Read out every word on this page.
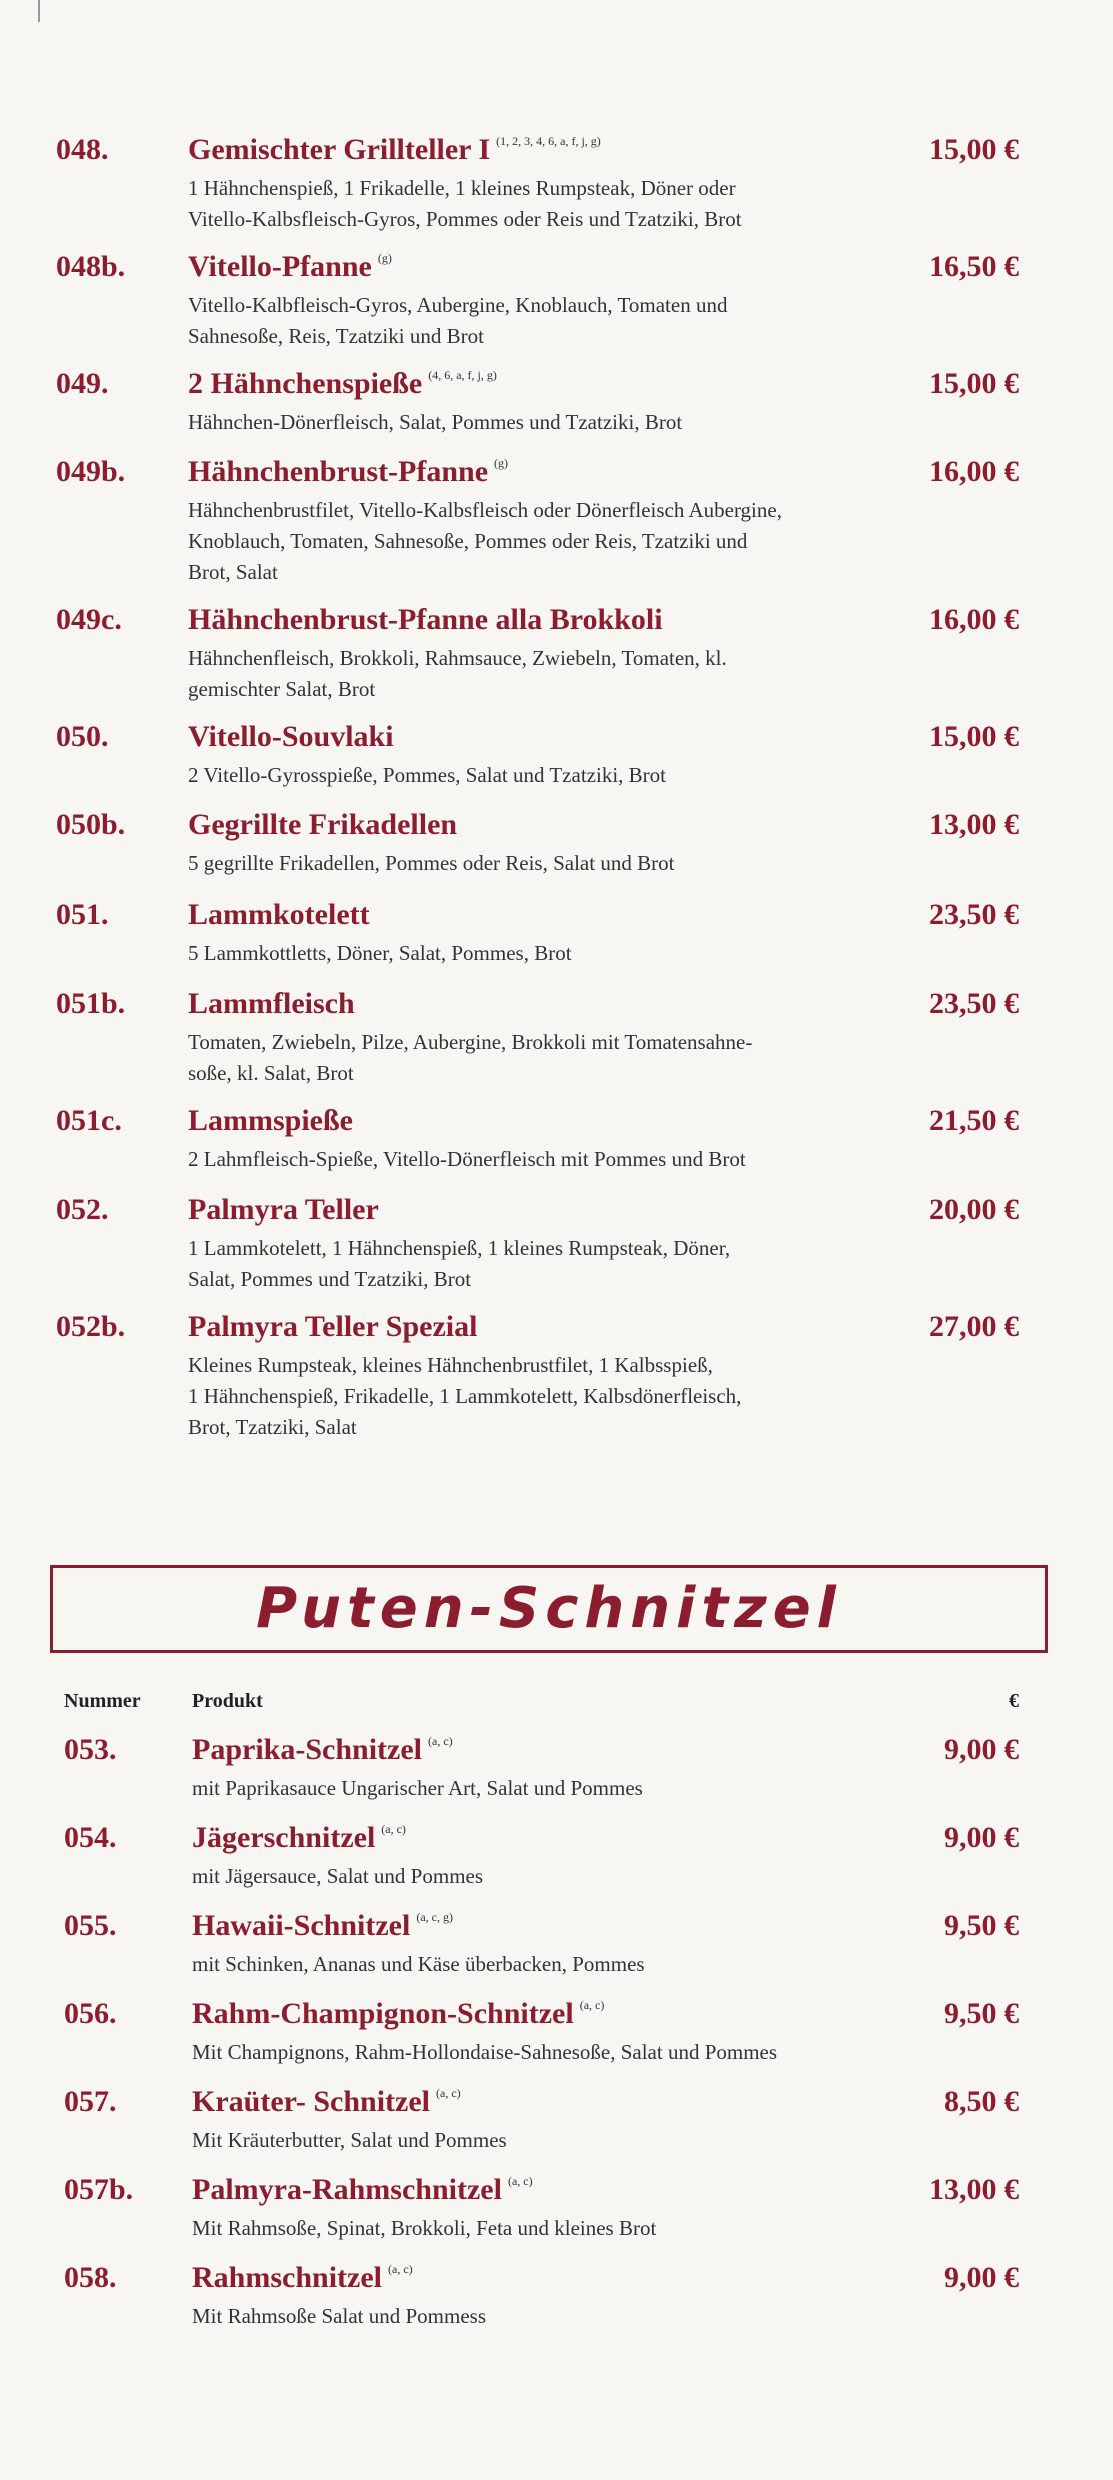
048.	Gemischter Grillteller I $^{(1, 2, 3, 4, 6, a, f, j, g)}$	15,00 €
1 Hähnchenspieß, 1 Frikadelle, 1 kleines Rumpsteak, Döner oder
Vitello-Kalbsfleisch-Gyros, Pommes oder Reis und Tzatziki, Brot
048b. Vitello-Pfanne $^{(g)}$	16,50 €
Vitello-Kalbfleisch-Gyros, Aubergine, Knoblauch, Tomaten und
Sahnesoße, Reis, Tzatziki und Brot
049.	2 Hähnchenspieße $^{(4, 6, a, f, j, g)}$	15,00 €
Hähnchen-Dönerfleisch, Salat, Pommes und Tzatziki, Brot
049b. Hähnchenbrust-Pfanne $^{(g)}$	16,00 €
Hähnchenbrustfilet, Vitello-Kalbsfleisch oder Dönerfleisch Aubergine,
Knoblauch, Tomaten, Sahnesoße, Pommes oder Reis, Tzatziki und
Brot, Salat
049c. Hähnchenbrust-Pfanne alla Brokkoli	16,00 €
Hähnchenfleisch, Brokkoli, Rahmsauce, Zwiebeln, Tomaten, kl.
gemischter Salat, Brot
050.	Vitello-Souvlaki	15,00 €
2 Vitello-Gyrosspieße, Pommes, Salat und Tzatziki, Brot
050b. Gegrillte Frikadellen	13,00 €
5 gegrillte Frikadellen, Pommes oder Reis, Salat und Brot
051.	Lammkotelett	23,50 €
5 Lammkottletts, Döner, Salat, Pommes, Brot
051b. Lammfleisch	23,50 €
Tomaten, Zwiebeln, Pilze, Aubergine, Brokkoli mit Tomatensahne-
soße, kl. Salat, Brot
051c. Lammspieße	21,50 €
2 Lahmfleisch-Spieße, Vitello-Dönerfleisch mit Pommes und Brot
052.	Palmyra Teller	20,00 €
1 Lammkotelett, 1 Hähnchenspieß, 1 kleines Rumpsteak, Döner,
Salat, Pommes und Tzatziki, Brot
052b. Palmyra Teller Spezial	27,00 €
Kleines Rumpsteak, kleines Hähnchenbrustfilet, 1 Kalbsspieß,
1 Hähnchenspieß, Frikadelle, 1 Lammkotelett, Kalbsdönerfleisch,
Brot, Tzatziki, Salat
Puten-Schnitzel
Nummer	Produkt	€
053.	Paprika-Schnitzel $^{(a, c)}$	9,00 €
mit Paprikasauce Ungarischer Art, Salat und Pommes
054.	Jägerschnitzel $^{(a, c)}$	9,00 €
mit Jägersauce, Salat und Pommes
055.	Hawaii-Schnitzel $^{(a, c, g)}$	9,50 €
mit Schinken, Ananas und Käse überbacken, Pommes
056.	Rahm-Champignon-Schnitzel $^{(a, c)}$	9,50 €
Mit Champignons, Rahm-Hollondaise-Sahnesoße, Salat und Pommes
057.	Kraüter- Schnitzel $^{(a, c)}$	8,50 €
Mit Kräuterbutter, Salat und Pommes
057b. Palmyra-Rahmschnitzel $^{(a, c)}$	13,00 €
Mit Rahmsoße, Spinat, Brokkoli, Feta und kleines Brot
058.	Rahmschnitzel $^{(a, c)}$	9,00 €
Mit Rahmsoße Salat und Pommess
